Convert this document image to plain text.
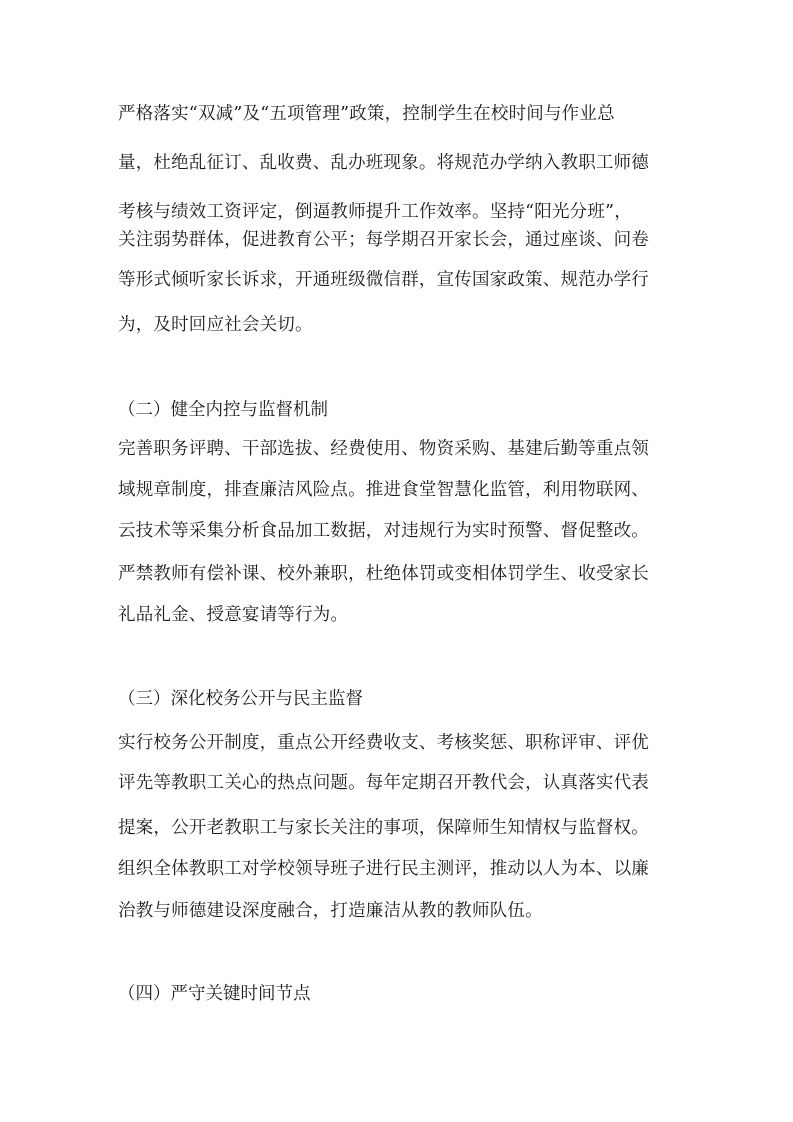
严格落实“双减”及“五项管理”政策，控制学生在校时间与作业总
量，杜绝乱征订、乱收费、乱办班现象。将规范办学纳入教职工师德
考核与绩效工资评定，倒逼教师提升工作效率。坚持“阳光分班”，
关注弱势群体，促进教育公平；每学期召开家长会，通过座谈、问卷
等形式倾听家长诉求，开通班级微信群，宣传国家政策、规范办学行
为，及时回应社会关切。
（二）健全内控与监督机制
完善职务评聘、干部选拔、经费使用、物资采购、基建后勤等重点领
域规章制度，排查廉洁风险点。推进食堂智慧化监管，利用物联网、
云技术等采集分析食品加工数据，对违规行为实时预警、督促整改。
严禁教师有偿补课、校外兼职，杜绝体罚或变相体罚学生、收受家长
礼品礼金、授意宴请等行为。
（三）深化校务公开与民主监督
实行校务公开制度，重点公开经费收支、考核奖惩、职称评审、评优
评先等教职工关心的热点问题。每年定期召开教代会，认真落实代表
提案，公开老教职工与家长关注的事项，保障师生知情权与监督权。
组织全体教职工对学校领导班子进行民主测评，推动以人为本、以廉
治教与师德建设深度融合，打造廉洁从教的教师队伍。
（四）严守关键时间节点
